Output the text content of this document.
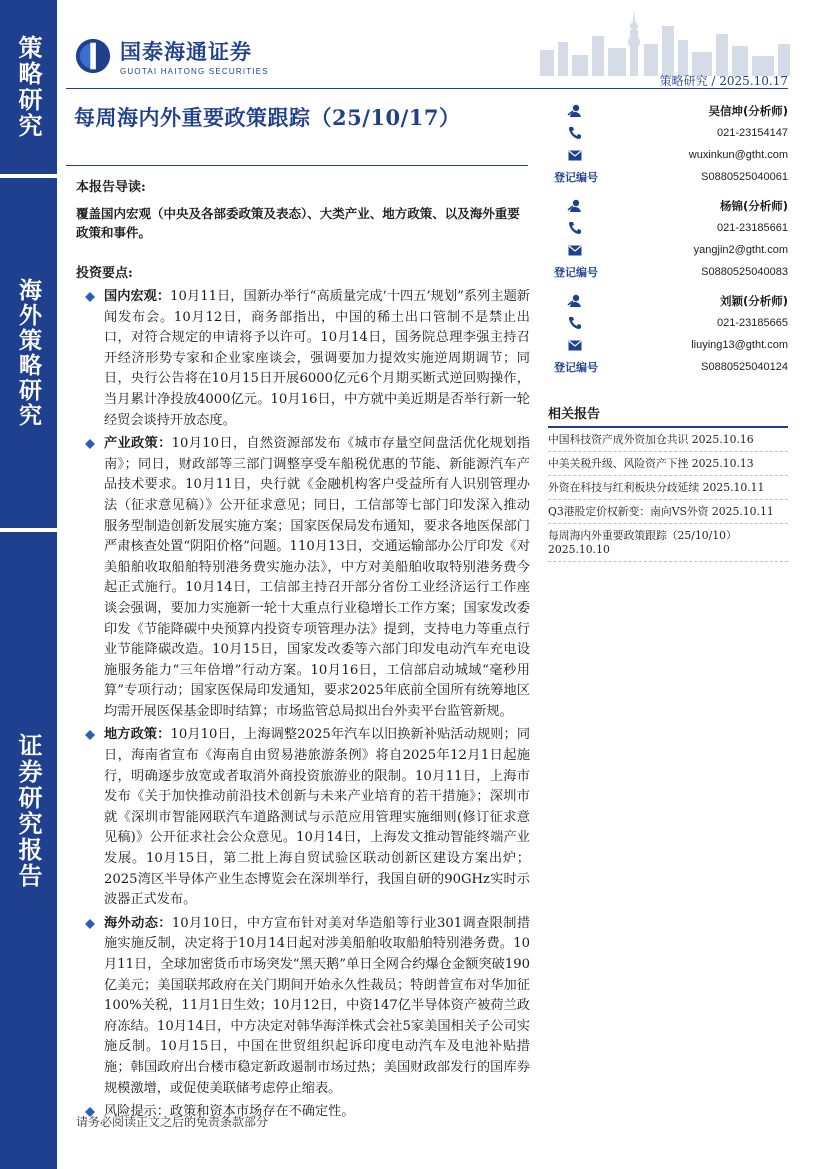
策略研究
海外策略研究
证券研究报告
国泰海通证券
GUOTAI HAITONG SECURITIES
策略研究 / 2025.10.17
每周海内外重要政策跟踪（25/10/17）
本报告导读:
覆盖国内宏观（中央及各部委政策及表态）、大类产业、地方政策、以及海外重要政策和事件。
投资要点:
国内宏观：10月11日，国新办举行“高质量完成‘十四五’规划”系列主题新闻发布会。10月12日，商务部指出，中国的稀土出口管制不是禁止出口，对符合规定的申请将予以许可。10月14日，国务院总理李强主持召开经济形势专家和企业家座谈会，强调要加力提效实施逆周期调节；同日，央行公告将在10月15日开展6000亿元6个月期买断式逆回购操作，当月累计净投放4000亿元。10月16日，中方就中美近期是否举行新一轮经贸会谈持开放态度。
产业政策：10月10日，自然资源部发布《城市存量空间盘活优化规划指南》；同日，财政部等三部门调整享受车船税优惠的节能、新能源汽车产品技术要求。10月11日，央行就《金融机构客户受益所有人识别管理办法（征求意见稿）》公开征求意见；同日，工信部等七部门印发深入推动服务型制造创新发展实施方案；国家医保局发布通知，要求各地医保部门严肃核查处置“阴阳价格”问题。110月13日，交通运输部办公厅印发《对美船舶收取船舶特别港务费实施办法》，中方对美船舶收取特别港务费今起正式施行。10月14日，工信部主持召开部分省份工业经济运行工作座谈会强调，要加力实施新一轮十大重点行业稳增长工作方案；国家发改委印发《节能降碳中央预算内投资专项管理办法》提到，支持电力等重点行业节能降碳改造。10月15日，国家发改委等六部门印发电动汽车充电设施服务能力“三年倍增”行动方案。10月16日，工信部启动城域“毫秒用算”专项行动；国家医保局印发通知，要求2025年底前全国所有统筹地区均需开展医保基金即时结算；市场监管总局拟出台外卖平台监管新规。
地方政策：10月10日，上海调整2025年汽车以旧换新补贴活动规则；同日，海南省宣布《海南自由贸易港旅游条例》将自2025年12月1日起施行，明确逐步放宽或者取消外商投资旅游业的限制。10月11日，上海市发布《关于加快推动前沿技术创新与未来产业培育的若干措施》；深圳市就《深圳市智能网联汽车道路测试与示范应用管理实施细则(修订征求意见稿)》公开征求社会公众意见。10月14日，上海发文推动智能终端产业发展。10月15日，第二批上海自贸试验区联动创新区建设方案出炉；2025湾区半导体产业生态博览会在深圳举行，我国自研的90GHz实时示波器正式发布。
海外动态：10月10日，中方宣布针对美对华造船等行业301调查限制措施实施反制，决定将于10月14日起对涉美船舶收取船舶特别港务费。10月11日，全球加密货币市场突发“黑天鹅”单日全网合约爆仓金额突破190亿美元；美国联邦政府在关门期间开始永久性裁员；特朗普宣布对华加征100%关税，11月1日生效；10月12日，中资147亿半导体资产被荷兰政府冻结。10月14日，中方决定对韩华海洋株式会社5家美国相关子公司实施反制。10月15日，中国在世贸组织起诉印度电动汽车及电池补贴措施；韩国政府出台楼市稳定新政遏制市场过热；美国财政部发行的国库券规模激增，或促使美联储考虑停止缩表。
风险提示：政策和资本市场存在不确定性。
请务必阅读正文之后的免责条款部分
吴信坤(分析师)
021-23154147
wuxinkun@gtht.com
登记编号	S0880525040061
杨锦(分析师)
021-23185661
yangjin2@gtht.com
登记编号	S0880525040083
刘颖(分析师)
021-23185665
liuying13@gtht.com
登记编号	S0880525040124
相关报告
中国科技资产成外资加仓共识 2025.10.16
中美关税升级、风险资产下挫 2025.10.13
外资在科技与红利板块分歧延续 2025.10.11
Q3港股定价权新变：南向VS外资 2025.10.11
每周海内外重要政策跟踪（25/10/10） 2025.10.10
